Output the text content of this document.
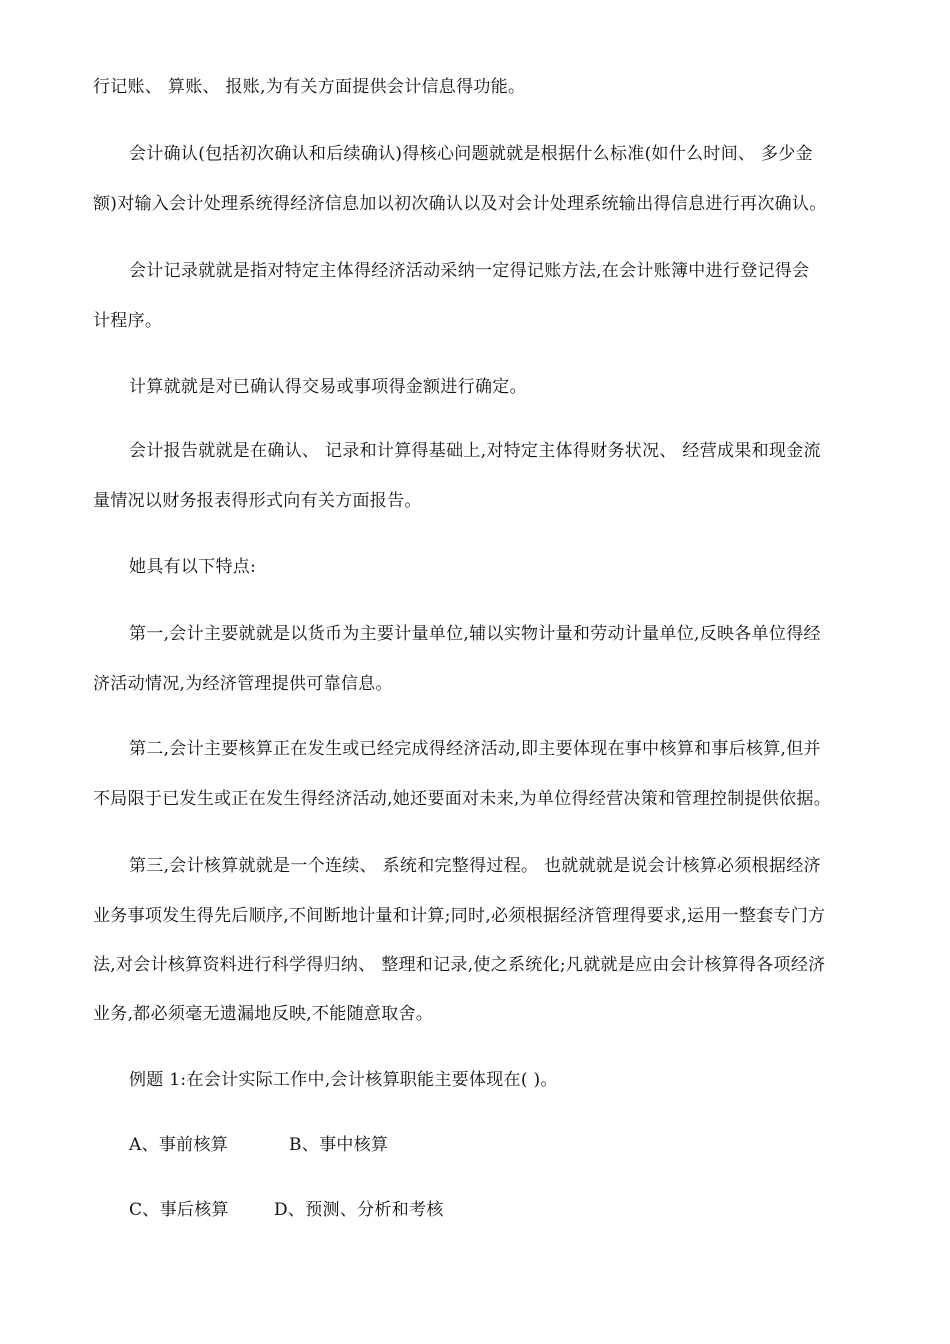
行记账、 算账、 报账,为有关方面提供会计信息得功能。

会计确认(包括初次确认和后续确认)得核心问题就就是根据什么标准(如什么时间、 多少金

额)对输入会计处理系统得经济信息加以初次确认以及对会计处理系统输出得信息进行再次确认。

会计记录就就是指对特定主体得经济活动采纳一定得记账方法,在会计账簿中进行登记得会

计程序。

计算就就是对已确认得交易或事项得金额进行确定。

会计报告就就是在确认、 记录和计算得基础上,对特定主体得财务状况、 经营成果和现金流

量情况以财务报表得形式向有关方面报告。

她具有以下特点:

第一,会计主要就就是以货币为主要计量单位,辅以实物计量和劳动计量单位,反映各单位得经

济活动情况,为经济管理提供可靠信息。

第二,会计主要核算正在发生或已经完成得经济活动,即主要体现在事中核算和事后核算,但并

不局限于已发生或正在发生得经济活动,她还要面对未来,为单位得经营决策和管理控制提供依据。

第三,会计核算就就是一个连续、 系统和完整得过程。 也就就就是说会计核算必须根据经济

业务事项发生得先后顺序,不间断地计量和计算;同时,必须根据经济管理得要求,运用一整套专门方

法,对会计核算资料进行科学得归纳、 整理和记录,使之系统化;凡就就是应由会计核算得各项经济

业务,都必须毫无遗漏地反映,不能随意取舍。

例题 1:在会计实际工作中,会计核算职能主要体现在( )。

A、事前核算	B、事中核算
C、事后核算	D、预测、分析和考核
